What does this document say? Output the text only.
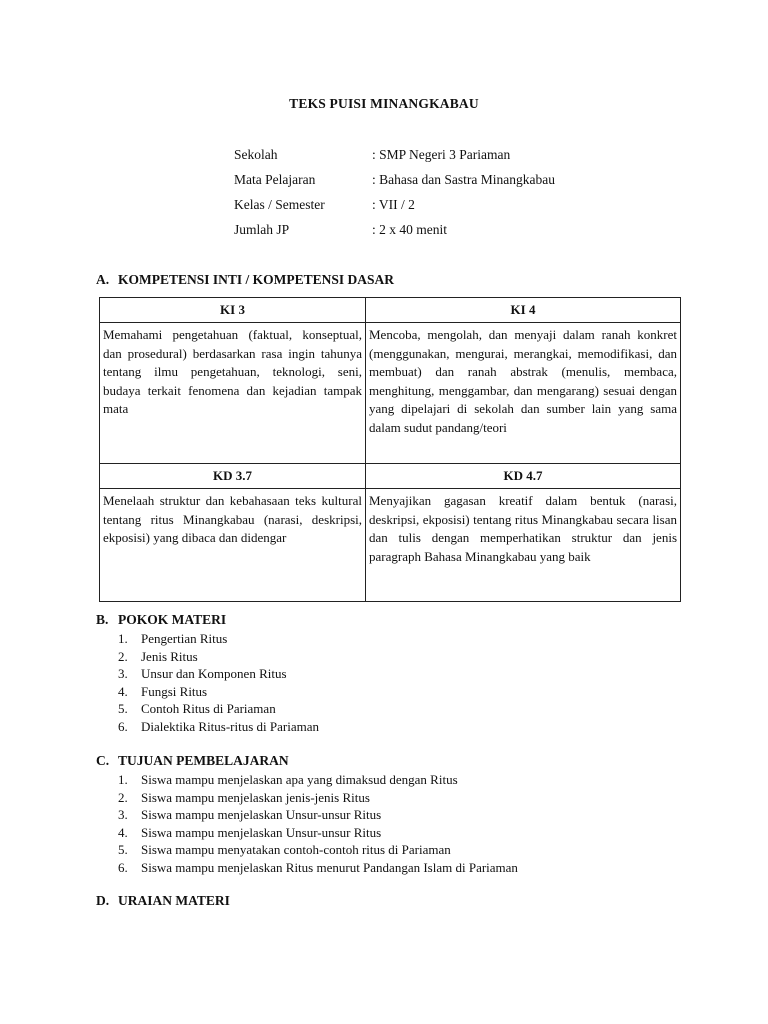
TEKS PUISI MINANGKABAU
Sekolah	: SMP Negeri 3 Pariaman
Mata Pelajaran	: Bahasa dan Sastra Minangkabau
Kelas / Semester	: VII / 2
Jumlah JP	: 2 x 40 menit
A. KOMPETENSI INTI / KOMPETENSI DASAR
KI 3	KI 4
Memahami pengetahuan (faktual, konseptual, dan prosedural) berdasarkan rasa ingin tahunya tentang ilmu pengetahuan, teknologi, seni, budaya terkait fenomena dan kejadian tampak mata	Mencoba, mengolah, dan menyaji dalam ranah konkret (menggunakan, mengurai, merangkai, memodifikasi, dan membuat) dan ranah abstrak (menulis, membaca, menghitung, menggambar, dan mengarang) sesuai dengan yang dipelajari di sekolah dan sumber lain yang sama dalam sudut pandang/teori
KD 3.7	KD 4.7
Menelaah struktur dan kebahasaan teks kultural tentang ritus Minangkabau (narasi, deskripsi, ekposisi) yang dibaca dan didengar	Menyajikan gagasan kreatif dalam bentuk (narasi, deskripsi, ekposisi) tentang ritus Minangkabau secara lisan dan tulis dengan memperhatikan struktur dan jenis paragraph Bahasa Minangkabau yang baik
B. POKOK MATERI
1. Pengertian Ritus
2. Jenis Ritus
3. Unsur dan Komponen Ritus
4. Fungsi Ritus
5. Contoh Ritus di Pariaman
6. Dialektika Ritus-ritus di Pariaman
C. TUJUAN PEMBELAJARAN
1. Siswa mampu menjelaskan apa yang dimaksud dengan Ritus
2. Siswa mampu menjelaskan jenis-jenis Ritus
3. Siswa mampu menjelaskan Unsur-unsur Ritus
4. Siswa mampu menjelaskan Unsur-unsur Ritus
5. Siswa mampu menyatakan contoh-contoh ritus di Pariaman
6. Siswa mampu menjelaskan Ritus menurut Pandangan Islam di Pariaman
D. URAIAN MATERI
